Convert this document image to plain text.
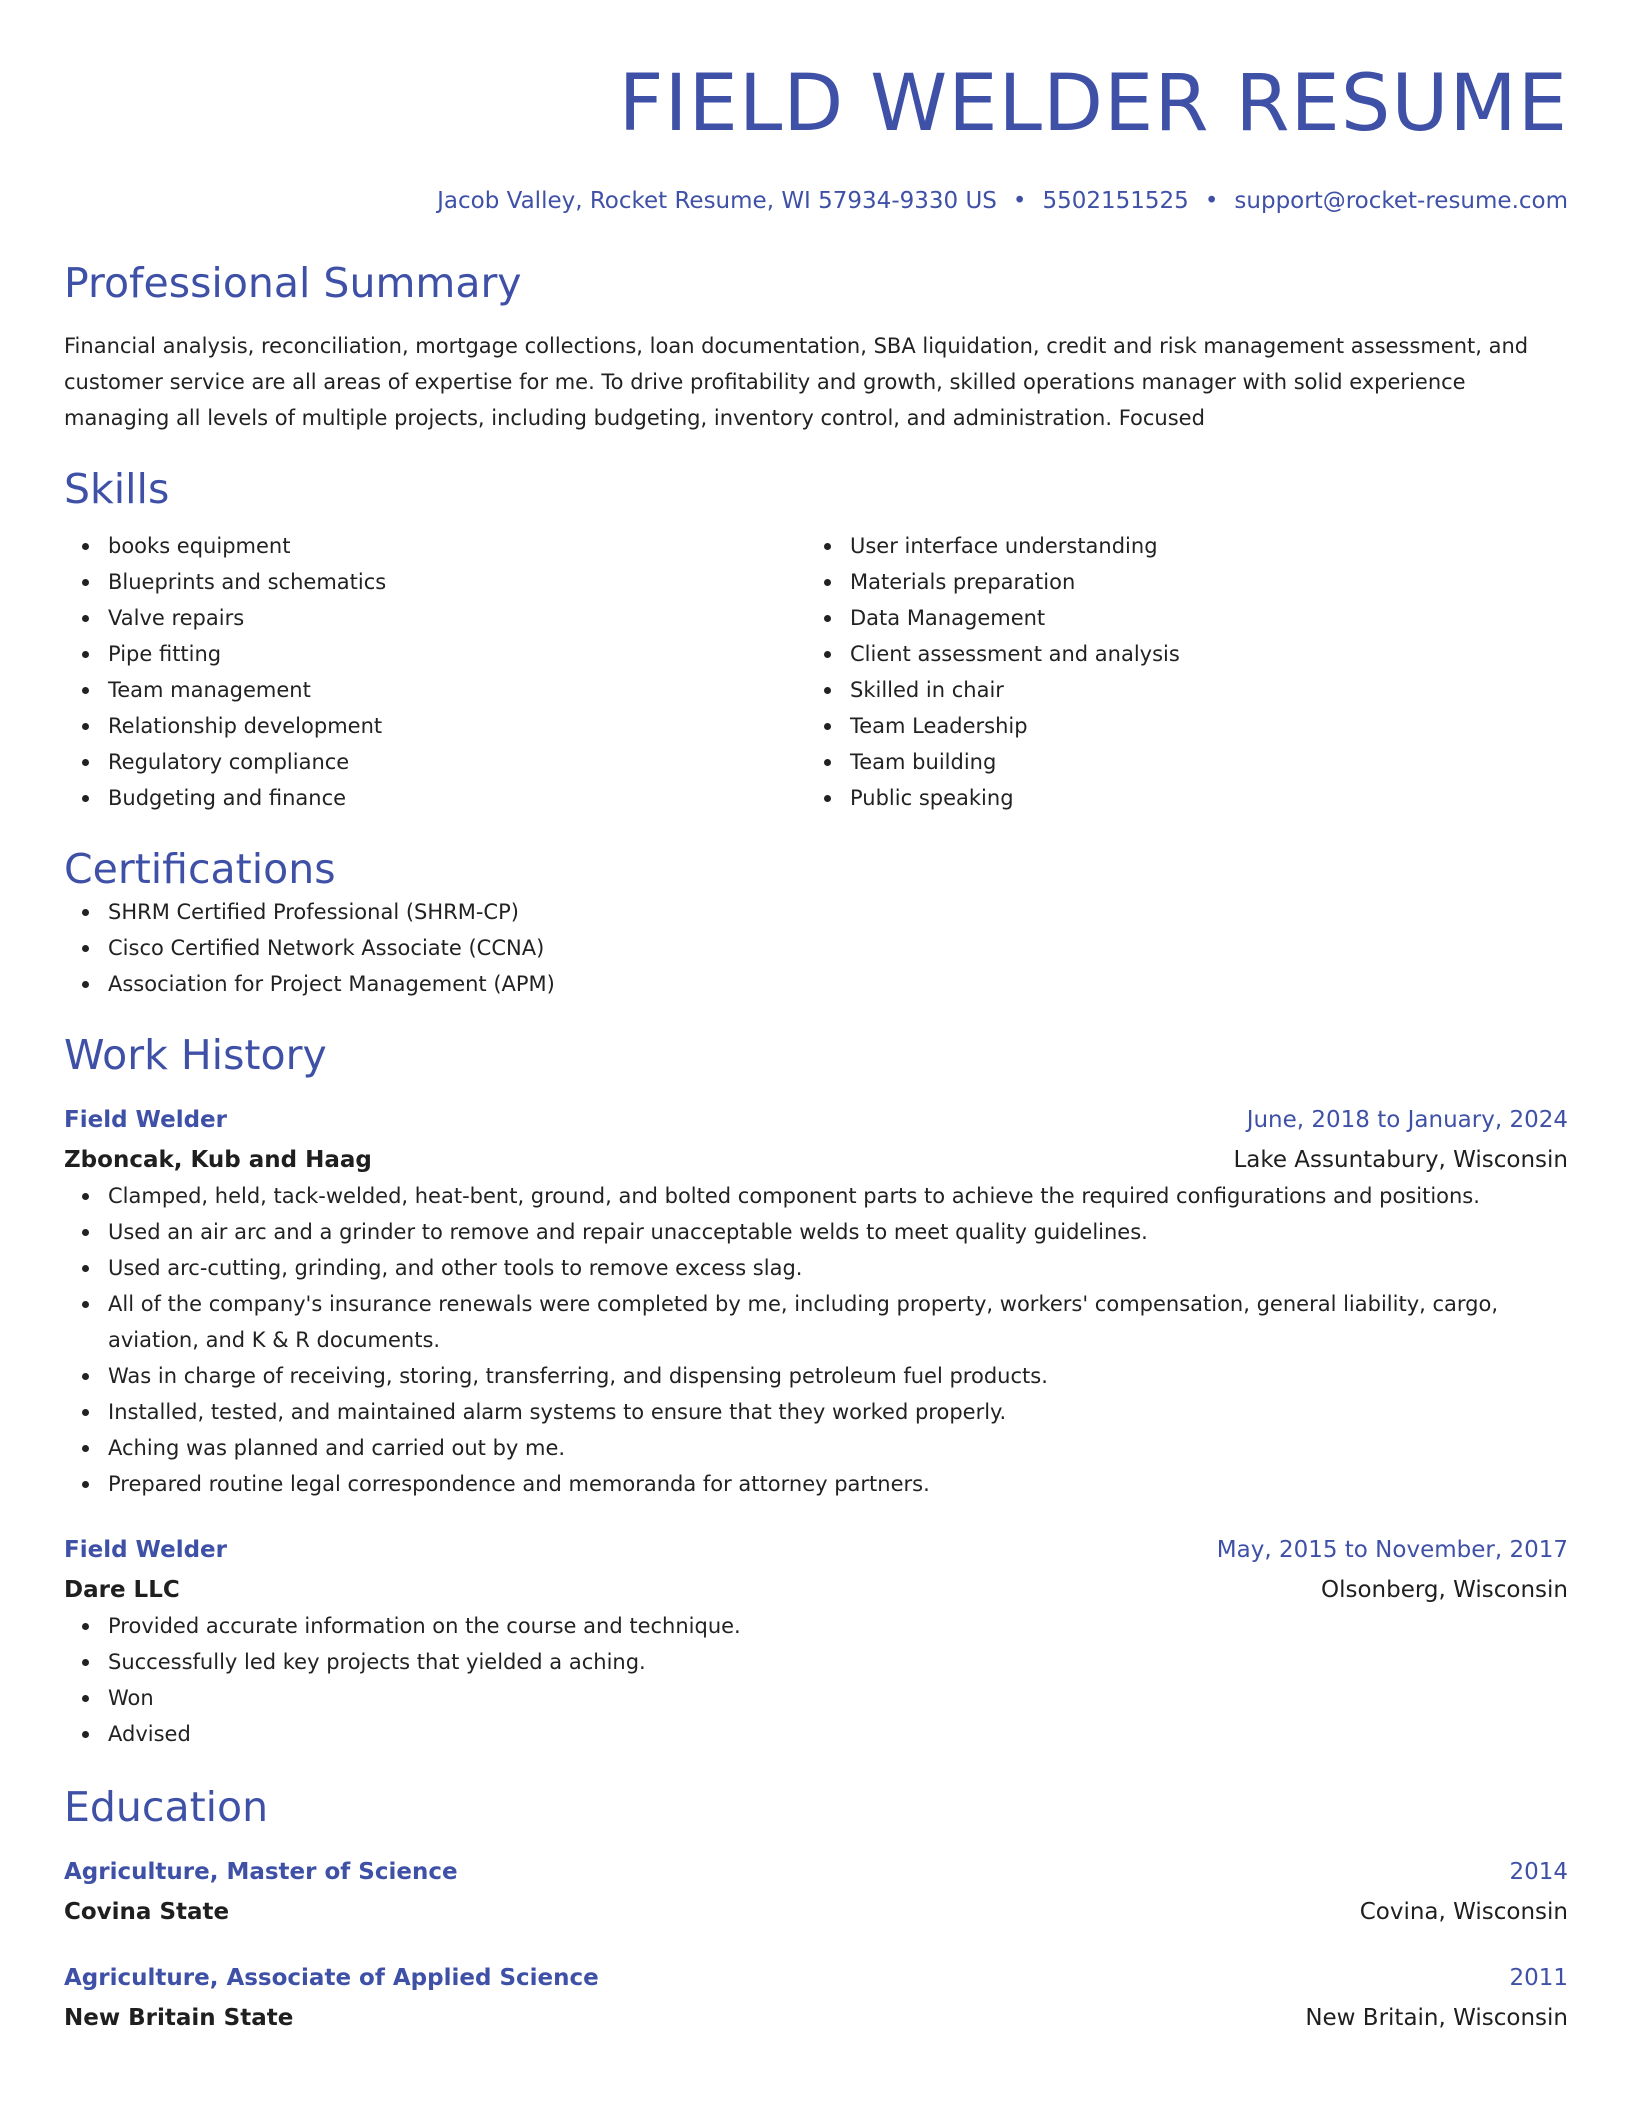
FIELD WELDER RESUME
Jacob Valley, Rocket Resume, WI 57934-9330 US • 5502151525 • support@rocket-resume.com
Professional Summary

Financial analysis, reconciliation, mortgage collections, loan documentation, SBA liquidation, credit and risk management assessment, and customer service are all areas of expertise for me. To drive profitability and growth, skilled operations manager with solid experience managing all levels of multiple projects, including budgeting, inventory control, and administration. Focused

Skills
books equipment
Blueprints and schematics
Valve repairs
Pipe fitting
Team management
Relationship development
Regulatory compliance
Budgeting and finance
User interface understanding
Materials preparation
Data Management
Client assessment and analysis
Skilled in chair
Team Leadership
Team building
Public speaking
Certifications
SHRM Certified Professional (SHRM-CP)
Cisco Certified Network Associate (CCNA)
Association for Project Management (APM)
Work History
Field Welder	June, 2018 to January, 2024
Zboncak, Kub and Haag	Lake Assuntabury, Wisconsin
Clamped, held, tack-welded, heat-bent, ground, and bolted component parts to achieve the required configurations and positions.
Used an air arc and a grinder to remove and repair unacceptable welds to meet quality guidelines.
Used arc-cutting, grinding, and other tools to remove excess slag.
All of the company's insurance renewals were completed by me, including property, workers' compensation, general liability, cargo, aviation, and K & R documents.
Was in charge of receiving, storing, transferring, and dispensing petroleum fuel products.
Installed, tested, and maintained alarm systems to ensure that they worked properly.
Aching was planned and carried out by me.
Prepared routine legal correspondence and memoranda for attorney partners.
Field Welder	May, 2015 to November, 2017
Dare LLC	Olsonberg, Wisconsin
Provided accurate information on the course and technique.
Successfully led key projects that yielded a aching.
Won
Advised
Education
Agriculture, Master of Science	2014
Covina State	Covina, Wisconsin
Agriculture, Associate of Applied Science	2011
New Britain State	New Britain, Wisconsin
